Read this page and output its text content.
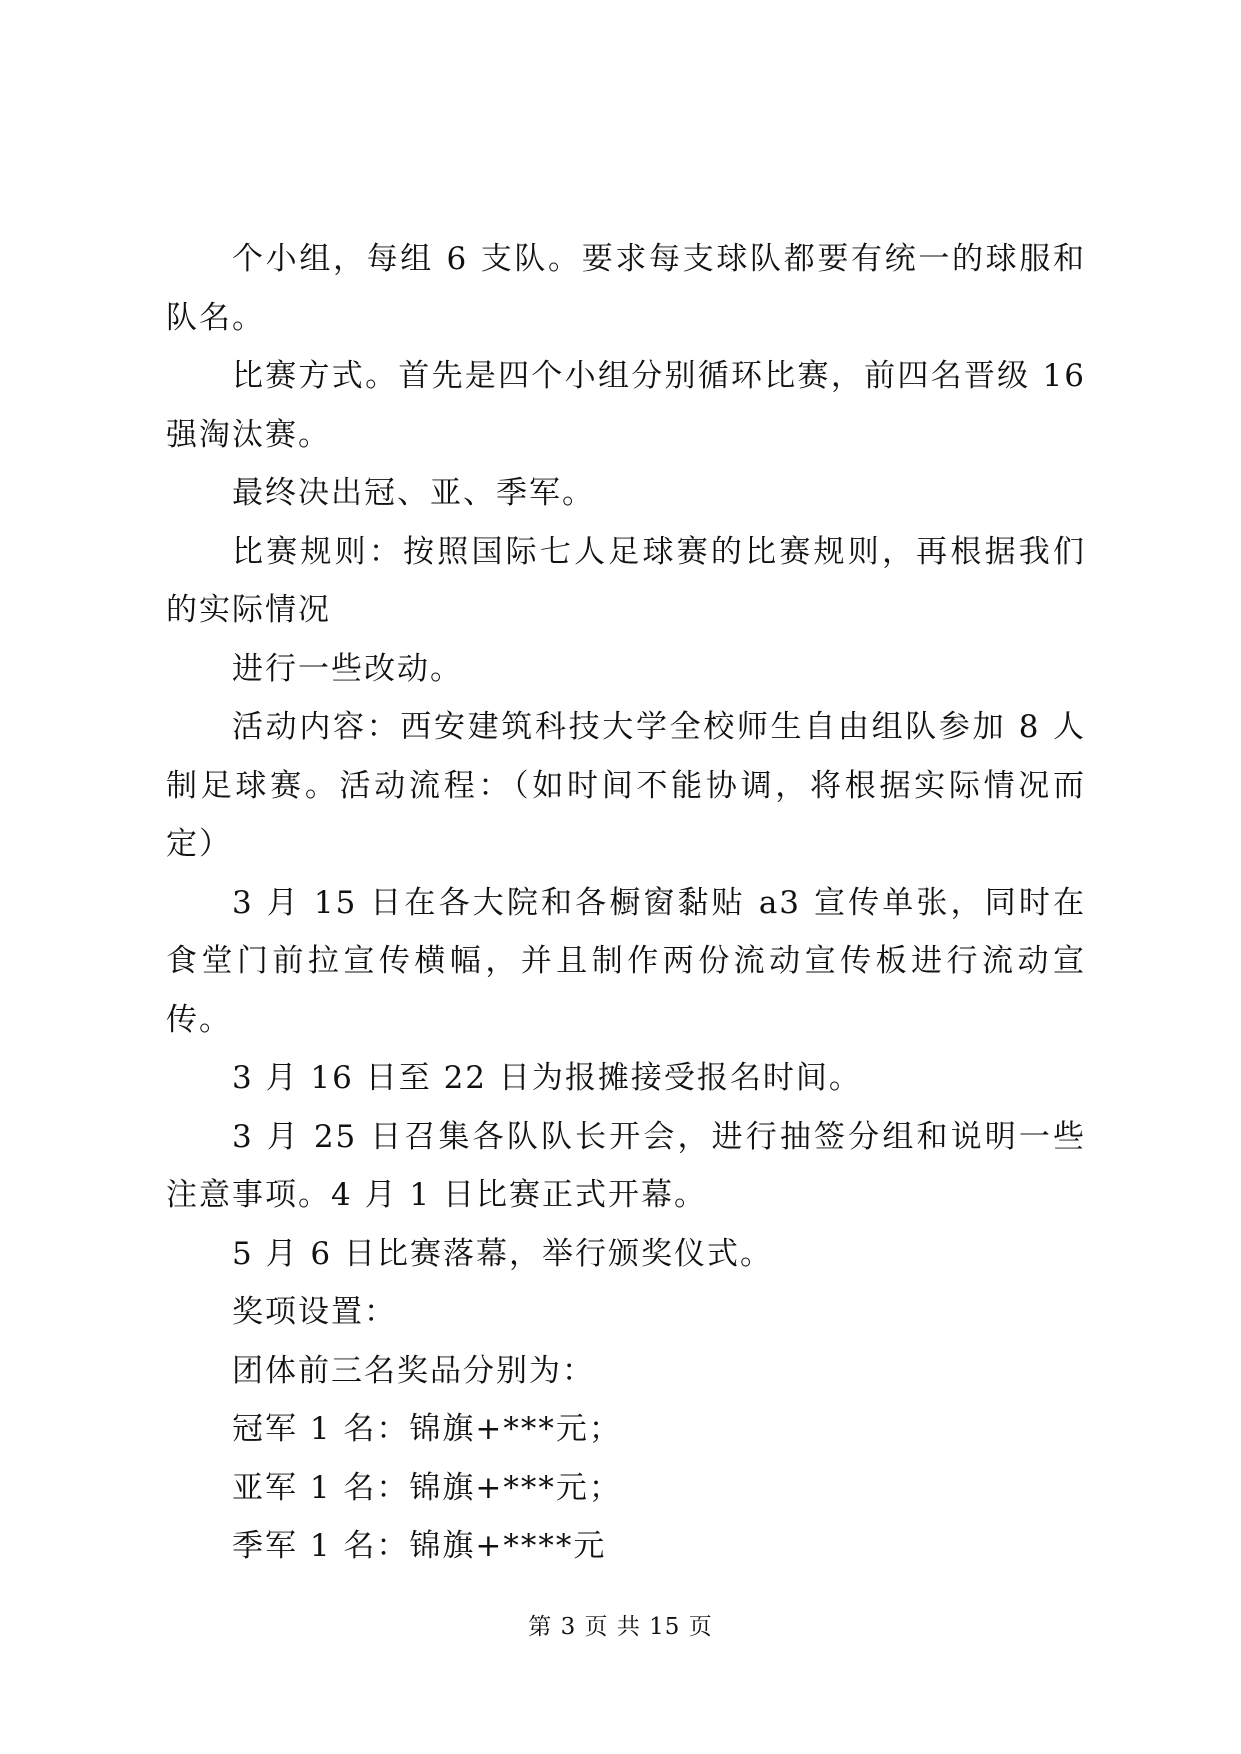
个小组，每组 6 支队。要求每支球队都要有统一的球服和队名。

比赛方式。首先是四个小组分别循环比赛，前四名晋级 16 强淘汰赛。

最终决出冠、亚、季军。

比赛规则：按照国际七人足球赛的比赛规则，再根据我们的实际情况

进行一些改动。

活动内容：西安建筑科技大学全校师生自由组队参加 8 人制足球赛。活动流程：（如时间不能协调，将根据实际情况而定）

3 月 15 日在各大院和各橱窗黏贴 a3 宣传单张，同时在食堂门前拉宣传横幅，并且制作两份流动宣传板进行流动宣传。

3 月 16 日至 22 日为报摊接受报名时间。

3 月 25 日召集各队队长开会，进行抽签分组和说明一些注意事项。4 月 1 日比赛正式开幕。

5 月 6 日比赛落幕，举行颁奖仪式。

奖项设置：

团体前三名奖品分别为：

冠军 1 名：锦旗+***元；

亚军 1 名：锦旗+***元；

季军 1 名：锦旗+****元

第 3 页 共 15 页
